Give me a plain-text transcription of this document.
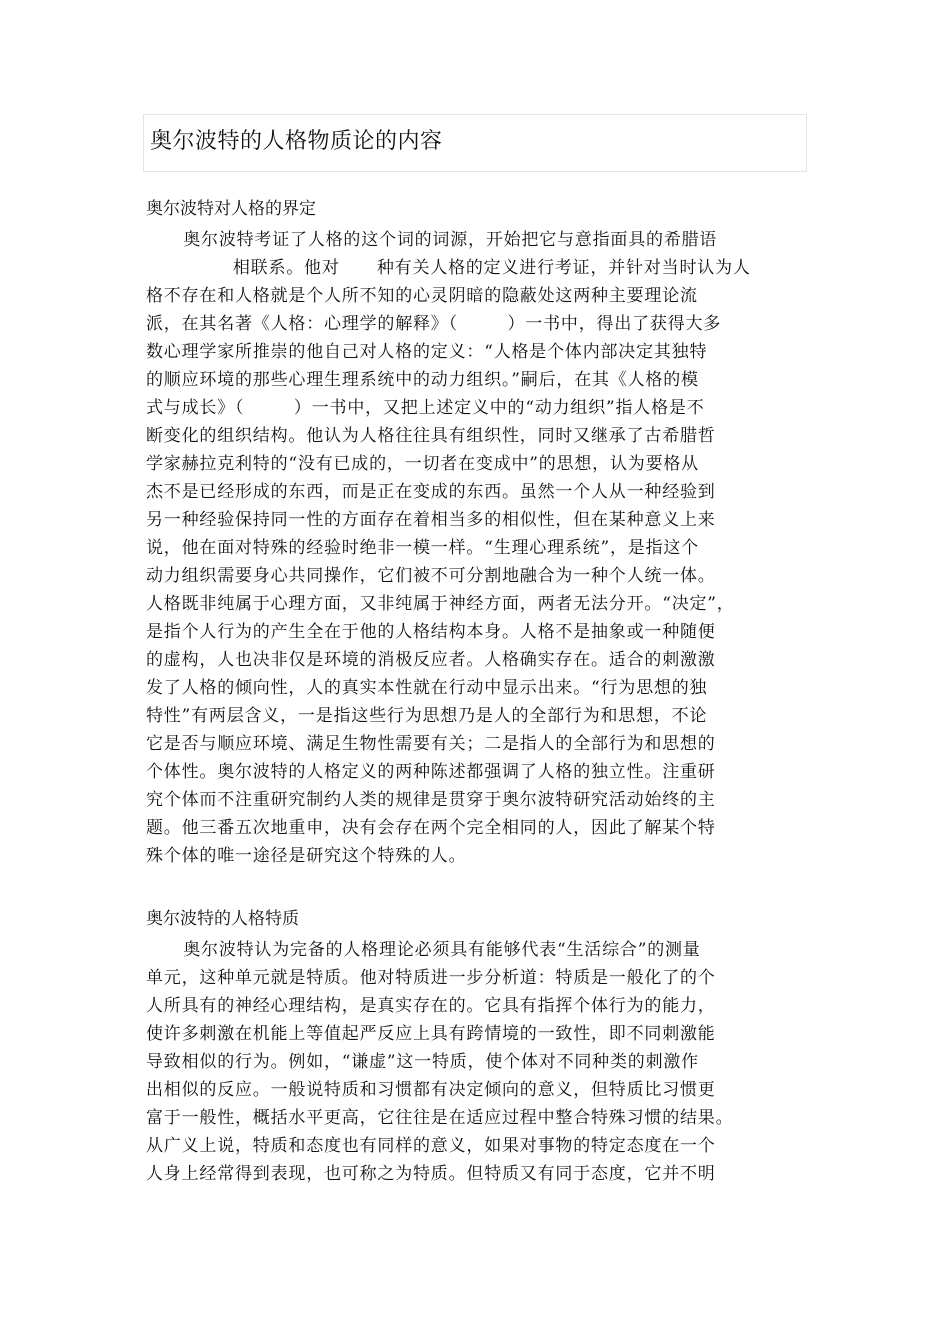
奥尔波特的人格物质论的内容
奥尔波特对人格的界定
奥尔波特考证了人格的这个词的词源，开始把它与意指面具的希腊语
相联系。他对      种有关人格的定义进行考证，并针对当时认为人
格不存在和人格就是个人所不知的心灵阴暗的隐蔽处这两种主要理论流
派，在其名著《人格：心理学的解释》（        ）一书中，得出了获得大多
数心理学家所推崇的他自己对人格的定义：“人格是个体内部决定其独特
的顺应环境的那些心理生理系统中的动力组织。”嗣后，在其《人格的模
式与成长》（        ）一书中，又把上述定义中的“动力组织”指人格是不
断变化的组织结构。他认为人格往往具有组织性，同时又继承了古希腊哲
学家赫拉克利特的“没有已成的，一切者在变成中”的思想，认为要格从
杰不是已经形成的东西，而是正在变成的东西。虽然一个人从一种经验到
另一种经验保持同一性的方面存在着相当多的相似性，但在某种意义上来
说，他在面对特殊的经验时绝非一模一样。“生理心理系统”，是指这个
动力组织需要身心共同操作，它们被不可分割地融合为一种个人统一体。
人格既非纯属于心理方面，又非纯属于神经方面，两者无法分开。“决定”，
是指个人行为的产生全在于他的人格结构本身。人格不是抽象或一种随便
的虚构，人也决非仅是环境的消极反应者。人格确实存在。适合的刺激激
发了人格的倾向性，人的真实本性就在行动中显示出来。“行为思想的独
特性”有两层含义，一是指这些行为思想乃是人的全部行为和思想，不论
它是否与顺应环境、满足生物性需要有关；二是指人的全部行为和思想的
个体性。奥尔波特的人格定义的两种陈述都强调了人格的独立性。注重研
究个体而不注重研究制约人类的规律是贯穿于奥尔波特研究活动始终的主
题。他三番五次地重申，决有会存在两个完全相同的人，因此了解某个特
殊个体的唯一途径是研究这个特殊的人。
奥尔波特的人格特质
奥尔波特认为完备的人格理论必须具有能够代表“生活综合”的测量
单元，这种单元就是特质。他对特质进一步分析道：特质是一般化了的个
人所具有的神经心理结构，是真实存在的。它具有指挥个体行为的能力，
使许多刺激在机能上等值起严反应上具有跨情境的一致性，即不同刺激能
导致相似的行为。例如，“谦虚”这一特质，使个体对不同种类的刺激作
出相似的反应。一般说特质和习惯都有决定倾向的意义，但特质比习惯更
富于一般性，概括水平更高，它往往是在适应过程中整合特殊习惯的结果。
从广义上说，特质和态度也有同样的意义，如果对事物的特定态度在一个
人身上经常得到表现，也可称之为特质。但特质又有同于态度，它并不明
